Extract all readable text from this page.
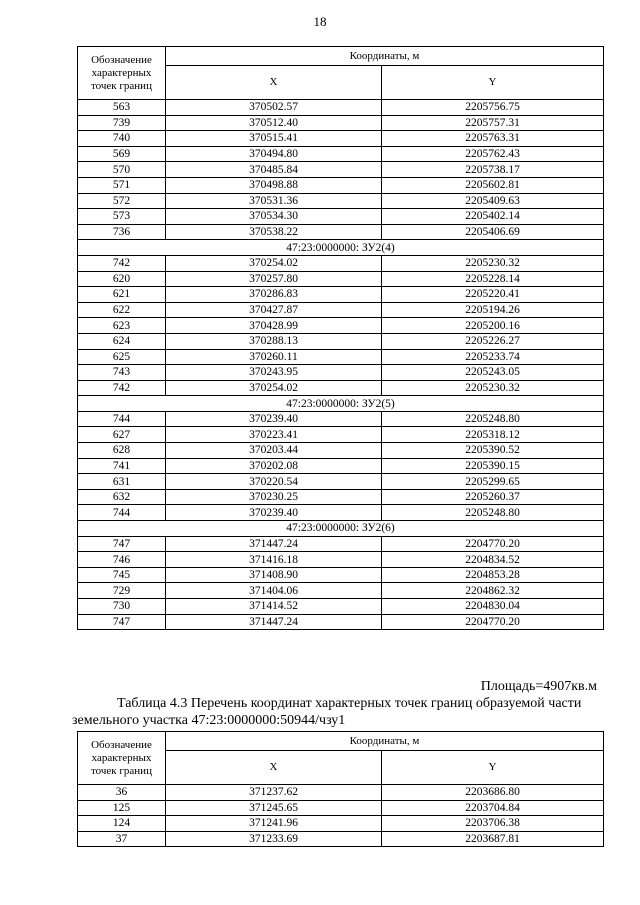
18
Обозначение характерных точек границ	Координаты, м	
	X	Y
563	370502.57	2205756.75
739	370512.40	2205757.31
740	370515.41	2205763.31
569	370494.80	2205762.43
570	370485.84	2205738.17
571	370498.88	2205602.81
572	370531.36	2205409.63
573	370534.30	2205402.14
736	370538.22	2205406.69
47:23:0000000: ЗУ2(4)		
742	370254.02	2205230.32
620	370257.80	2205228.14
621	370286.83	2205220.41
622	370427.87	2205194.26
623	370428.99	2205200.16
624	370288.13	2205226.27
625	370260.11	2205233.74
743	370243.95	2205243.05
742	370254.02	2205230.32
47:23:0000000: ЗУ2(5)		
744	370239.40	2205248.80
627	370223.41	2205318.12
628	370203.44	2205390.52
741	370202.08	2205390.15
631	370220.54	2205299.65
632	370230.25	2205260.37
744	370239.40	2205248.80
47:23:0000000: ЗУ2(6)		
747	371447.24	2204770.20
746	371416.18	2204834.52
745	371408.90	2204853.28
729	371404.06	2204862.32
730	371414.52	2204830.04
747	371447.24	2204770.20
Площадь=4907кв.м
Таблица 4.3 Перечень координат характерных точек границ образуемой части земельного участка 47:23:0000000:50944/чзу1
Обозначение характерных точек границ	Координаты, м	
	X	Y
36	371237.62	2203686.80
125	371245.65	2203704.84
124	371241.96	2203706.38
37	371233.69	2203687.81
